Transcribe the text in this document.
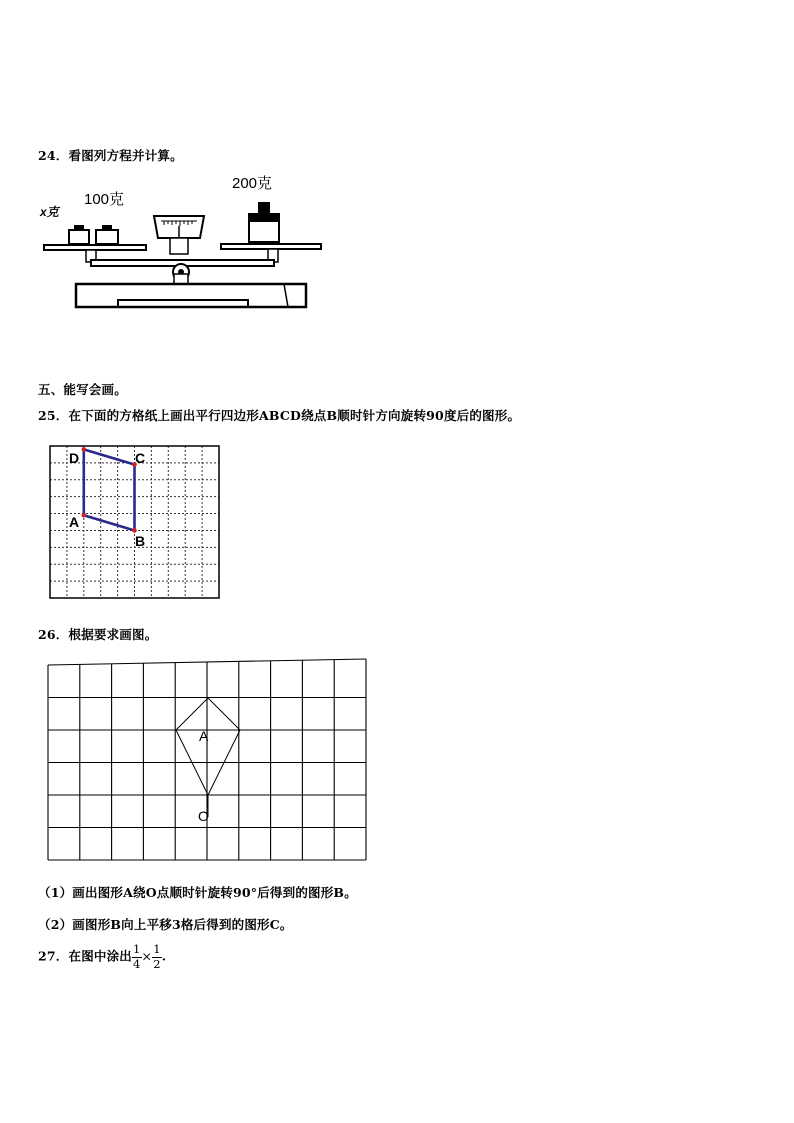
24．看图列方程并计算。
x克
100克
200克
五、能写会画。
25．在下面的方格纸上画出平行四边形ABCD绕点B顺时针方向旋转90度后的图形。
D	C
A
B
26．根据要求画图。
A
O
（1）画出图形A绕O点顺时针旋转90°后得到的图形B。
（2）画图形B向上平移3格后得到的图形C。
27．在图中涂出 $\frac{1}{4} \times \frac{1}{2}$ .
